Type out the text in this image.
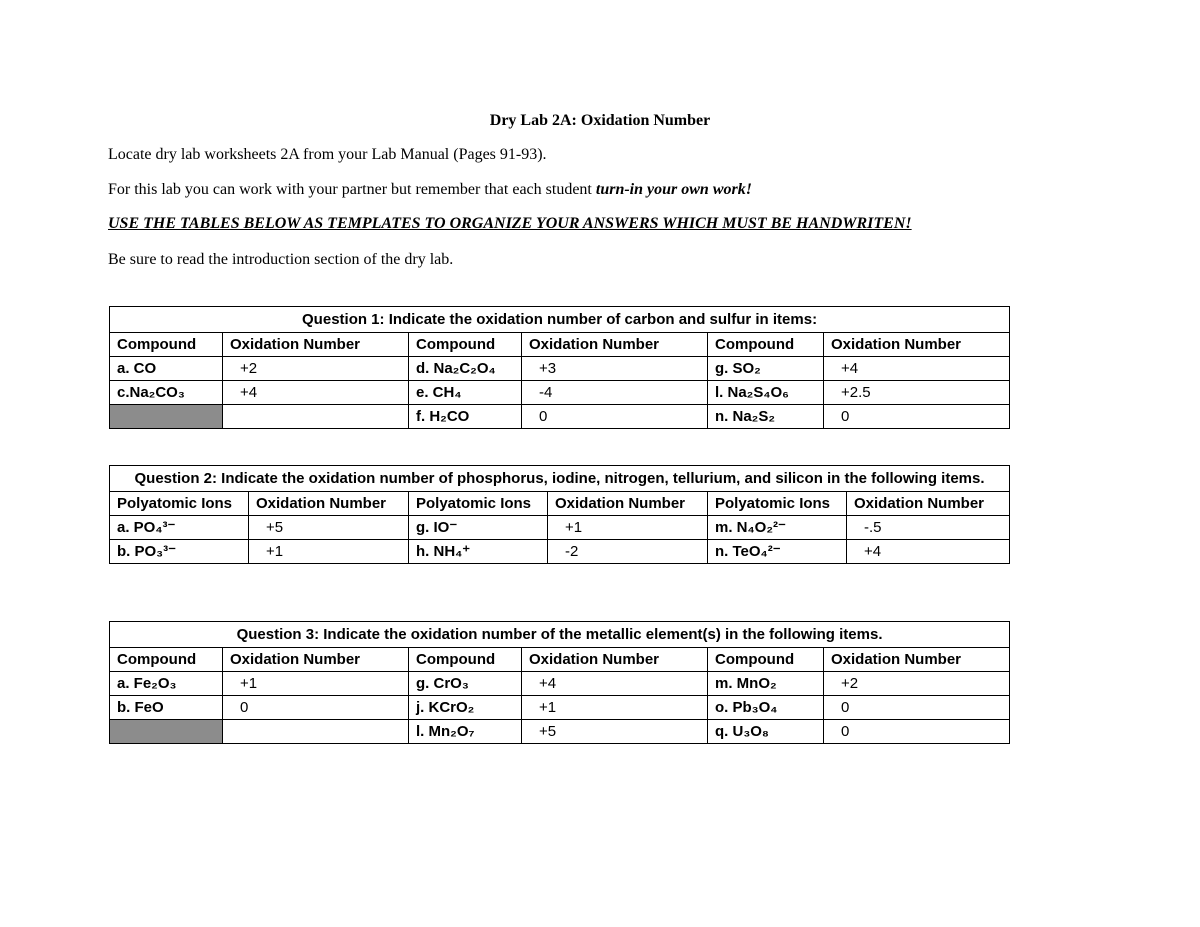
Dry Lab 2A: Oxidation Number
Locate dry lab worksheets 2A from your Lab Manual (Pages 91-93).
For this lab you can work with your partner but remember that each student turn-in your own work!
USE THE TABLES BELOW AS TEMPLATES TO ORGANIZE YOUR ANSWERS WHICH MUST BE HANDWRITEN!
Be sure to read the introduction section of the dry lab.
Question 1: Indicate the oxidation number of carbon and sulfur in items:					
Compound	Oxidation Number	Compound	Oxidation Number	Compound	Oxidation Number
a. CO	+2	d. Na₂C₂O₄	+3	g. SO₂	+4
c.Na₂CO₃	+4	e. CH₄	-4	l. Na₂S₄O₆	+2.5
		f. H₂CO	0	n. Na₂S₂	0
Question 2: Indicate the oxidation number of phosphorus, iodine, nitrogen, tellurium, and silicon in the following items.					
Polyatomic Ions	Oxidation Number	Polyatomic Ions	Oxidation Number	Polyatomic Ions	Oxidation Number
a. PO₄³⁻	+5	g. IO⁻	+1	m. N₄O₂²⁻	-.5
b. PO₃³⁻	+1	h. NH₄⁺	-2	n. TeO₄²⁻	+4
Question 3: Indicate the oxidation number of the metallic element(s) in the following items.					
Compound	Oxidation Number	Compound	Oxidation Number	Compound	Oxidation Number
a. Fe₂O₃	+1	g. CrO₃	+4	m. MnO₂	+2
b. FeO	0	j. KCrO₂	+1	o. Pb₃O₄	0
		l. Mn₂O₇	+5	q. U₃O₈	0
